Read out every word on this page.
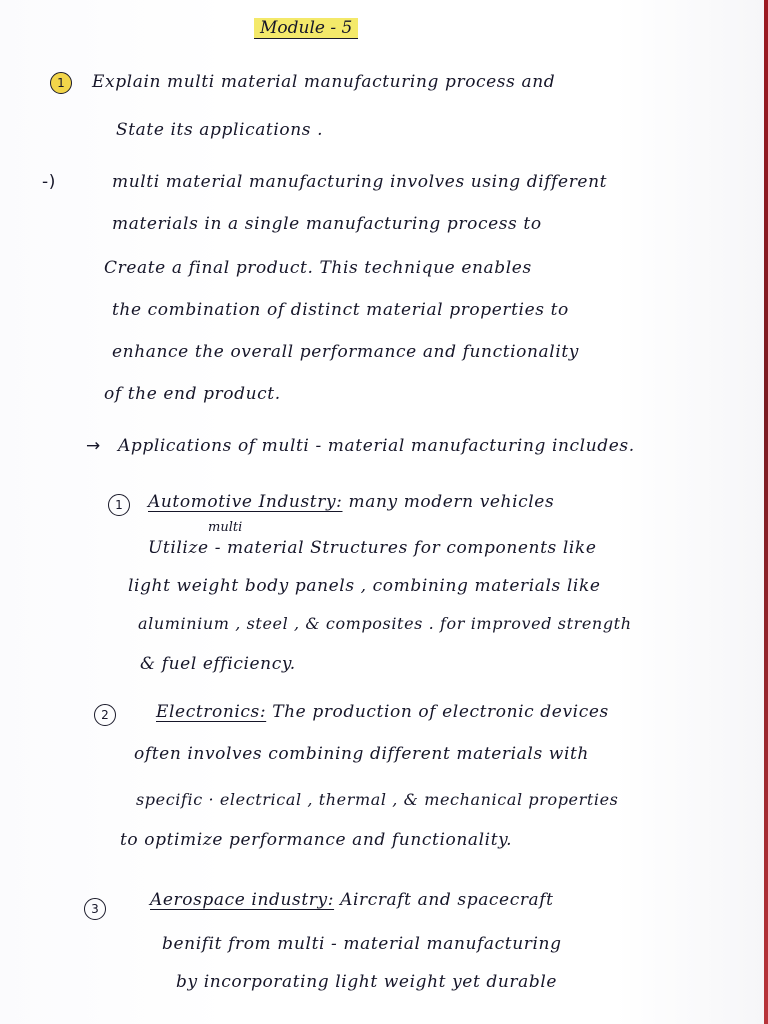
Module - 5
1	Explain multi material manufacturing process and
State its applications .
-)	multi material manufacturing involves using different
materials in a single manufacturing process to
Create a final product. This technique enables
the combination of distinct material properties to
enhance the overall performance and functionality
of the end product.
→ Applications of multi - material manufacturing includes.
1	Automotive Industry: many modern vehicles
multi
Utilize - material Structures for components like
light weight body panels , combining materials like
aluminium , steel , & composites . for improved strength
& fuel efficiency.
2	Electronics: The production of electronic devices
often involves combining different materials with
specific · electrical , thermal , & mechanical properties
to optimize performance and functionality.
3	Aerospace industry: Aircraft and spacecraft
benifit from multi - material manufacturing
by incorporating light weight yet durable
